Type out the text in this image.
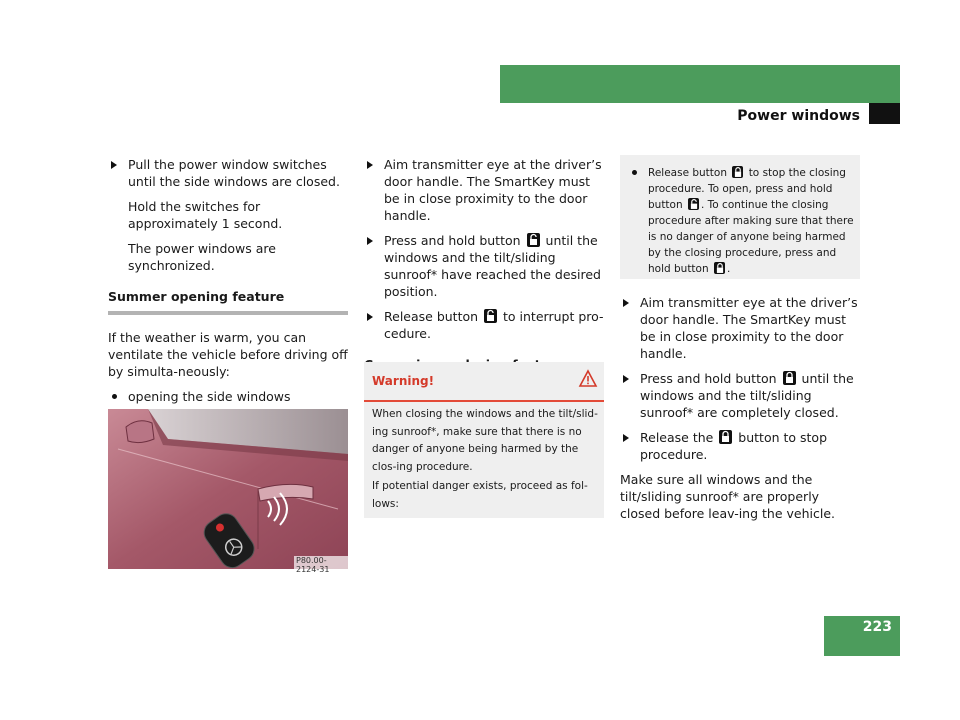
Power windows
Pull the power window switches until the side windows are closed.

Hold the switches for approximately 1 second.

The power windows are synchronized.

Summer opening feature

If the weather is warm, you can ventilate the vehicle before driving off by simulta-neously:

opening the side windows
P80.00-2124-31
Aim transmitter eye at the driver’s door handle. The SmartKey must be in close proximity to the door handle.
Press and hold button until the windows and the tilt/sliding sunroof* have reached the desired position.
Release button to interrupt pro-cedure.
Warning!

When closing the windows and the tilt/slid-ing sunroof*, make sure that there is no danger of anyone being harmed by the clos-ing procedure.

If potential danger exists, proceed as fol-lows:

Release button to stop the closing procedure. To open, press and hold button . To continue the closing procedure after making sure that there is no danger of anyone being harmed by the closing procedure, press and hold button .
Aim transmitter eye at the driver’s door handle. The SmartKey must be in close proximity to the door handle.
Press and hold button until the windows and the tilt/sliding sunroof* are completely closed.
Release the button to stop procedure.

Make sure all windows and the tilt/sliding sunroof* are properly closed before leav-ing the vehicle.

223
